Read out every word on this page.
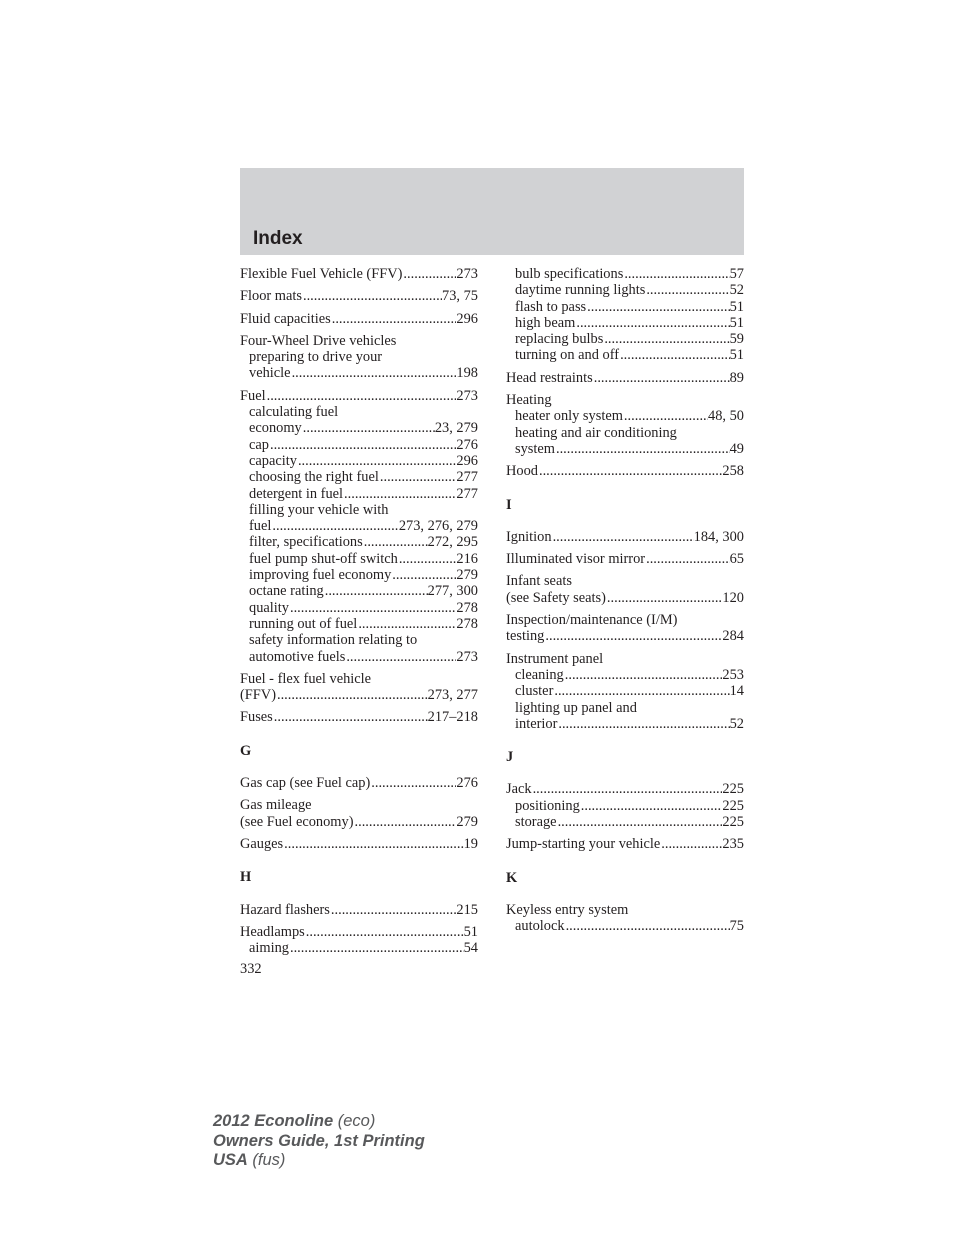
Index
Flexible Fuel Vehicle (FFV) .....	273
Floor mats .....	73, 75
Fluid capacities .....	296
Four-Wheel Drive vehicles
preparing to drive your
vehicle .....	198
Fuel .....	273
calculating fuel
economy .....	23, 279
cap .....	276
capacity .....	296
choosing the right fuel .....	277
detergent in fuel .....	277
filling your vehicle with
fuel .....	273, 276, 279
filter, specifications .....	272, 295
fuel pump shut-off switch .....	216
improving fuel economy .....	279
octane rating .....	277, 300
quality .....	278
running out of fuel .....	278
safety information relating to
automotive fuels .....	273
Fuel - flex fuel vehicle
(FFV) .....	273, 277
Fuses .....	217–218
G
Gas cap (see Fuel cap) .....	276
Gas mileage
(see Fuel economy) .....	279
Gauges .....	19
H
Hazard flashers .....	215
Headlamps .....	51
aiming .....	54
332
bulb specifications .....	57
daytime running lights .....	52
flash to pass .....	51
high beam .....	51
replacing bulbs .....	59
turning on and off .....	51
Head restraints .....	89
Heating
heater only system .....	48, 50
heating and air conditioning
system .....	49
Hood .....	258
I
Ignition .....	184, 300
Illuminated visor mirror .....	65
Infant seats
(see Safety seats) .....	120
Inspection/maintenance (I/M)
testing .....	284
Instrument panel
cleaning .....	253
cluster .....	14
lighting up panel and
interior .....	52
J
Jack .....	225
positioning .....	225
storage .....	225
Jump-starting your vehicle .....	235
K
Keyless entry system
autolock .....	75
2012 Econoline (eco)
Owners Guide, 1st Printing
USA (fus)
